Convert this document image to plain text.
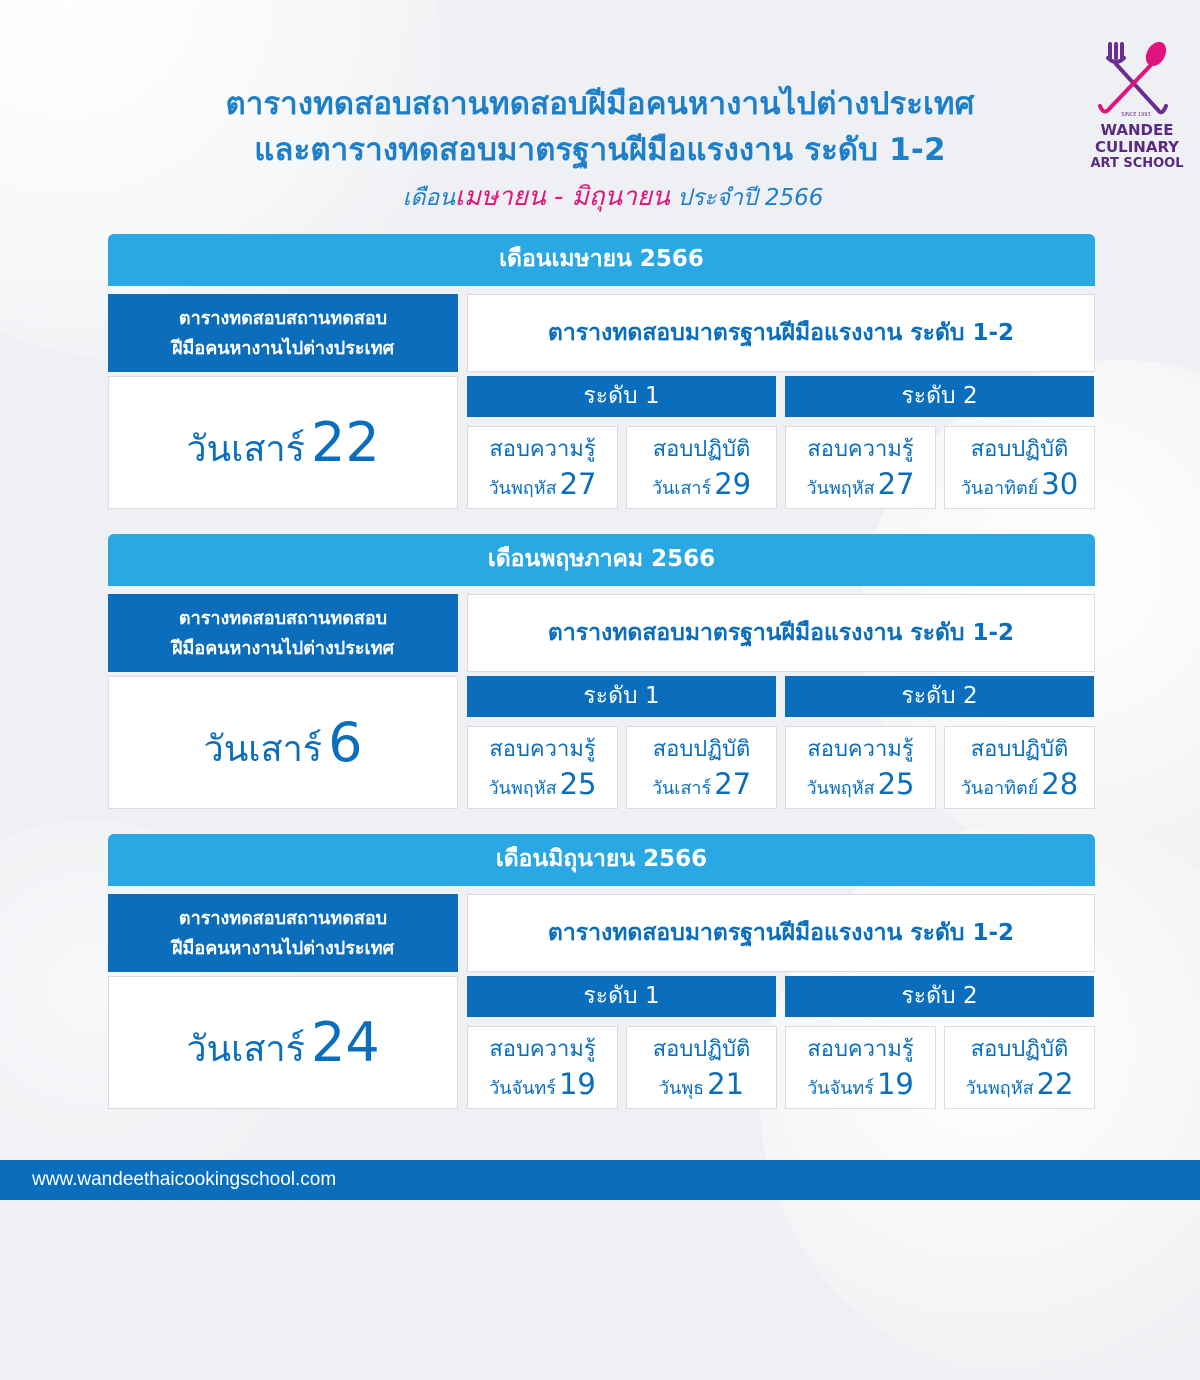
ตารางทดสอบสถานทดสอบฝีมือคนหางานไปต่างประเทศ
และตารางทดสอบมาตรฐานฝีมือแรงงาน ระดับ 1-2
เดือนเมษายน - มิถุนายน ประจำปี 2566
SINCE 1993
WANDEE
CULINARY
ART SCHOOL
เดือนเมษายน 2566
ตารางทดสอบสถานทดสอบ
ฝีมือคนหางานไปต่างประเทศ
วันเสาร์ 22
ตารางทดสอบมาตรฐานฝีมือแรงงาน ระดับ 1-2
ระดับ 1	ระดับ 2
สอบความรู้
วันพฤหัส 27
สอบปฏิบัติ
วันเสาร์ 29
สอบความรู้
วันพฤหัส 27
สอบปฏิบัติ
วันอาทิตย์ 30
เดือนพฤษภาคม 2566
ตารางทดสอบสถานทดสอบ
ฝีมือคนหางานไปต่างประเทศ
วันเสาร์ 6
ตารางทดสอบมาตรฐานฝีมือแรงงาน ระดับ 1-2
ระดับ 1	ระดับ 2
สอบความรู้
วันพฤหัส 25
สอบปฏิบัติ
วันเสาร์ 27
สอบความรู้
วันพฤหัส 25
สอบปฏิบัติ
วันอาทิตย์ 28
เดือนมิถุนายน 2566
ตารางทดสอบสถานทดสอบ
ฝีมือคนหางานไปต่างประเทศ
วันเสาร์ 24
ตารางทดสอบมาตรฐานฝีมือแรงงาน ระดับ 1-2
ระดับ 1	ระดับ 2
สอบความรู้
วันจันทร์ 19
สอบปฏิบัติ
วันพุธ 21
สอบความรู้
วันจันทร์ 19
สอบปฏิบัติ
วันพฤหัส 22
www.wandeethaicookingschool.com
